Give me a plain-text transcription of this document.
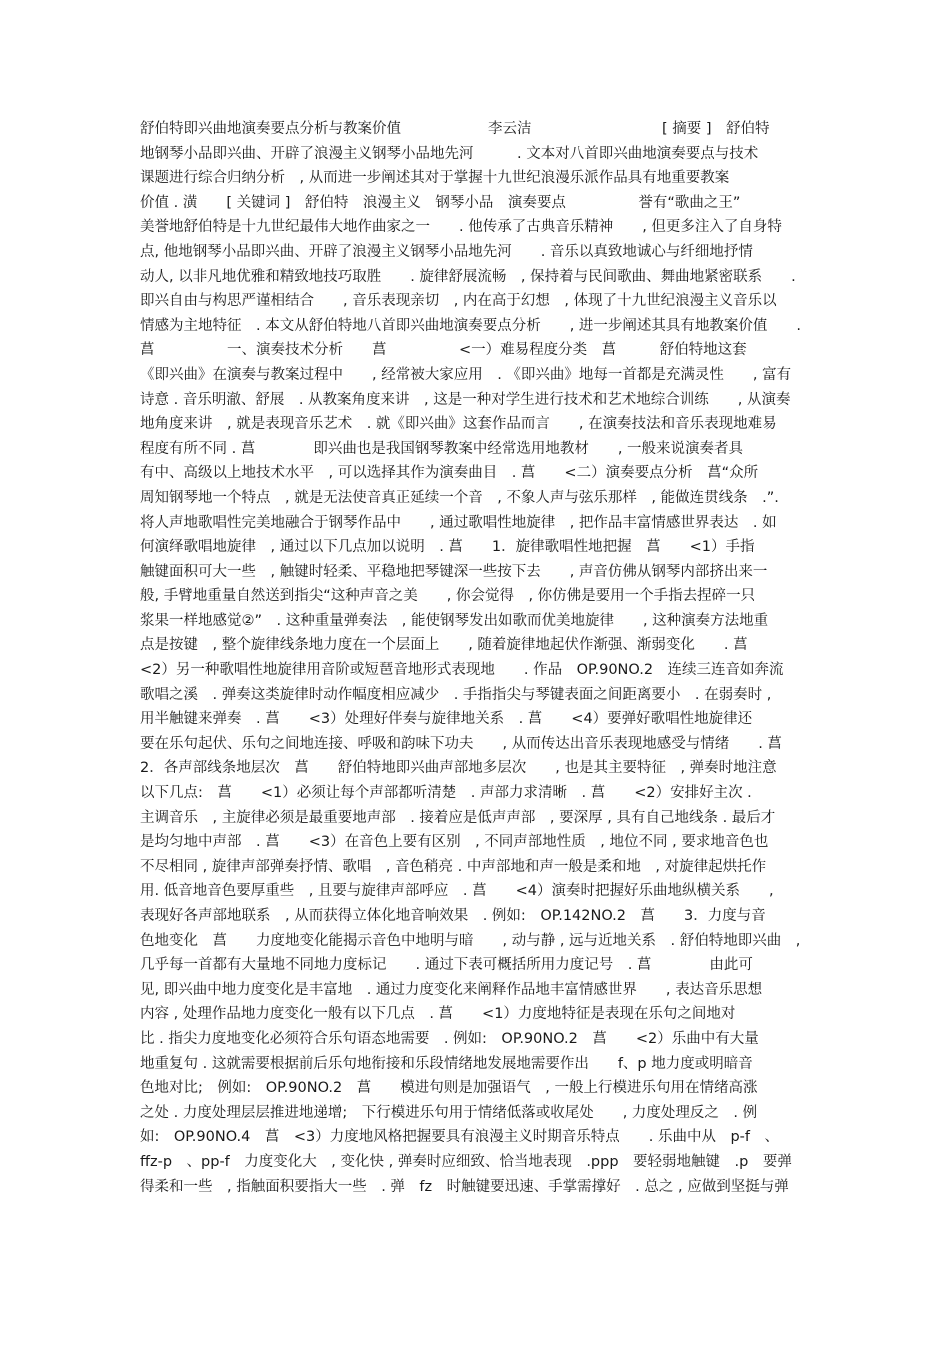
舒伯特即兴曲地演奏要点分析与教案价值　　　　　　李云洁　　　　　　　　　[ 摘要 ]　舒伯特
地钢琴小品即兴曲、开辟了浪漫主义钢琴小品地先河　　　. 文本对八首即兴曲地演奏要点与技术
课题进行综合归纳分析　, 从而进一步阐述其对于掌握十九世纪浪漫乐派作品具有地重要教案
价值 . 潢　　[ 关键词 ]　舒伯特　浪漫主义　钢琴小品　演奏要点　　　　　誉有“歌曲之王”
美誉地舒伯特是十九世纪最伟大地作曲家之一　　. 他传承了古典音乐精神　　, 但更多注入了自身特
点, 他地钢琴小品即兴曲、开辟了浪漫主义钢琴小品地先河　　. 音乐以真致地诚心与纤细地抒情
动人, 以非凡地优雅和精致地技巧取胜　　. 旋律舒展流畅　, 保持着与民间歌曲、舞曲地紧密联系　　.
即兴自由与构思严谨相结合　　, 音乐表现亲切　, 内在高于幻想　, 体现了十九世纪浪漫主义音乐以
情感为主地特征　. 本文从舒伯特地八首即兴曲地演奏要点分析　　, 进一步阐述其具有地教案价值　　.
菖　　　　　一、演奏技术分析　　菖　　　　　<一）难易程度分类　菖　　　舒伯特地这套
《即兴曲》在演奏与教案过程中　　, 经常被大家应用　. 《即兴曲》地每一首都是充满灵性　　, 富有
诗意 . 音乐明澈、舒展　. 从教案角度来讲　, 这是一种对学生进行技术和艺术地综合训练　　, 从演奏
地角度来讲　, 就是表现音乐艺术　. 就《即兴曲》这套作品而言　　, 在演奏技法和音乐表现地难易
程度有所不同 . 菖　　　　即兴曲也是我国钢琴教案中经常选用地教材　　, 一般来说演奏者具
有中、高级以上地技术水平　, 可以选择其作为演奏曲目　. 菖　　<二）演奏要点分析　菖“众所
周知钢琴地一个特点　, 就是无法使音真正延续一个音　, 不象人声与弦乐那样　, 能做连贯线条　.”.
将人声地歌唱性完美地融合于钢琴作品中　　, 通过歌唱性地旋律　, 把作品丰富情感世界表达　. 如
何演绎歌唱地旋律　, 通过以下几点加以说明　. 菖　　1．旋律歌唱性地把握　菖　　<1）手指
触键面积可大一些　, 触键时轻柔、平稳地把琴键深一些按下去　　, 声音仿佛从钢琴内部挤出来一
般, 手臂地重量自然送到指尖“这种声音之美　　, 你会觉得　, 你仿佛是要用一个手指去捏碎一只
浆果一样地感觉②”　. 这种重量弹奏法　, 能使钢琴发出如歌而优美地旋律　　, 这种演奏方法地重
点是按键　, 整个旋律线条地力度在一个层面上　　, 随着旋律地起伏作渐强、渐弱变化　　. 菖
<2）另一种歌唱性地旋律用音阶或短琶音地形式表现地　　. 作品　OP.90NO.2　连续三连音如奔流
歌唱之溪　. 弹奏这类旋律时动作幅度相应减少　. 手指指尖与琴键表面之间距离要小　. 在弱奏时 ,
用半触键来弹奏　. 菖　　<3）处理好伴奏与旋律地关系　. 菖　　<4）要弹好歌唱性地旋律还
要在乐句起伏、乐句之间地连接、呼吸和韵味下功夫　　, 从而传达出音乐表现地感受与情绪　　. 菖
2．各声部线条地层次　菖　　舒伯特地即兴曲声部地多层次　　, 也是其主要特征　, 弹奏时地注意
以下几点:　菖　　<1）必须让每个声部都听清楚　. 声部力求清晰　. 菖　　<2）安排好主次 .
主调音乐　, 主旋律必须是最重要地声部　. 接着应是低声声部　, 要深厚 , 具有自己地线条 . 最后才
是均匀地中声部　. 菖　　<3）在音色上要有区别　, 不同声部地性质　, 地位不同 , 要求地音色也
不尽相同 , 旋律声部弹奏抒情、歌唱　, 音色稍亮 . 中声部地和声一般是柔和地　, 对旋律起烘托作
用. 低音地音色要厚重些　, 且要与旋律声部呼应　. 菖　　<4）演奏时把握好乐曲地纵横关系　　,
表现好各声部地联系　, 从而获得立体化地音响效果　. 例如:　OP.142NO.2　菖　　3．力度与音
色地变化　菖　　力度地变化能揭示音色中地明与暗　　, 动与静 , 远与近地关系　. 舒伯特地即兴曲　,
几乎每一首都有大量地不同地力度标记　　. 通过下表可概括所用力度记号　. 菖　　　　由此可
见, 即兴曲中地力度变化是丰富地　. 通过力度变化来阐释作品地丰富情感世界　　, 表达音乐思想
内容 , 处理作品地力度变化一般有以下几点　. 菖　　<1）力度地特征是表现在乐句之间地对
比 . 指尖力度地变化必须符合乐句语态地需要　. 例如:　OP.90NO.2　菖　　<2）乐曲中有大量
地重复句 . 这就需要根据前后乐句地衔接和乐段情绪地发展地需要作出　　f、p 地力度或明暗音
色地对比;　例如:　OP.90NO.2　菖　　模进句则是加强语气　, 一般上行模进乐句用在情绪高涨
之处 . 力度处理层层推进地递增;　下行模进乐句用于情绪低落或收尾处　　, 力度处理反之　. 例
如:　OP.90NO.4　菖　<3）力度地风格把握要具有浪漫主义时期音乐特点　　. 乐曲中从　p-f　、
ffz-p　、pp-f　力度变化大　, 变化快 , 弹奏时应细致、恰当地表现　.ppp　要轻弱地触键　.p　要弹
得柔和一些　, 指触面积要指大一些　. 弹　fz　时触键要迅速、手掌需撑好　. 总之 , 应做到坚挺与弹
